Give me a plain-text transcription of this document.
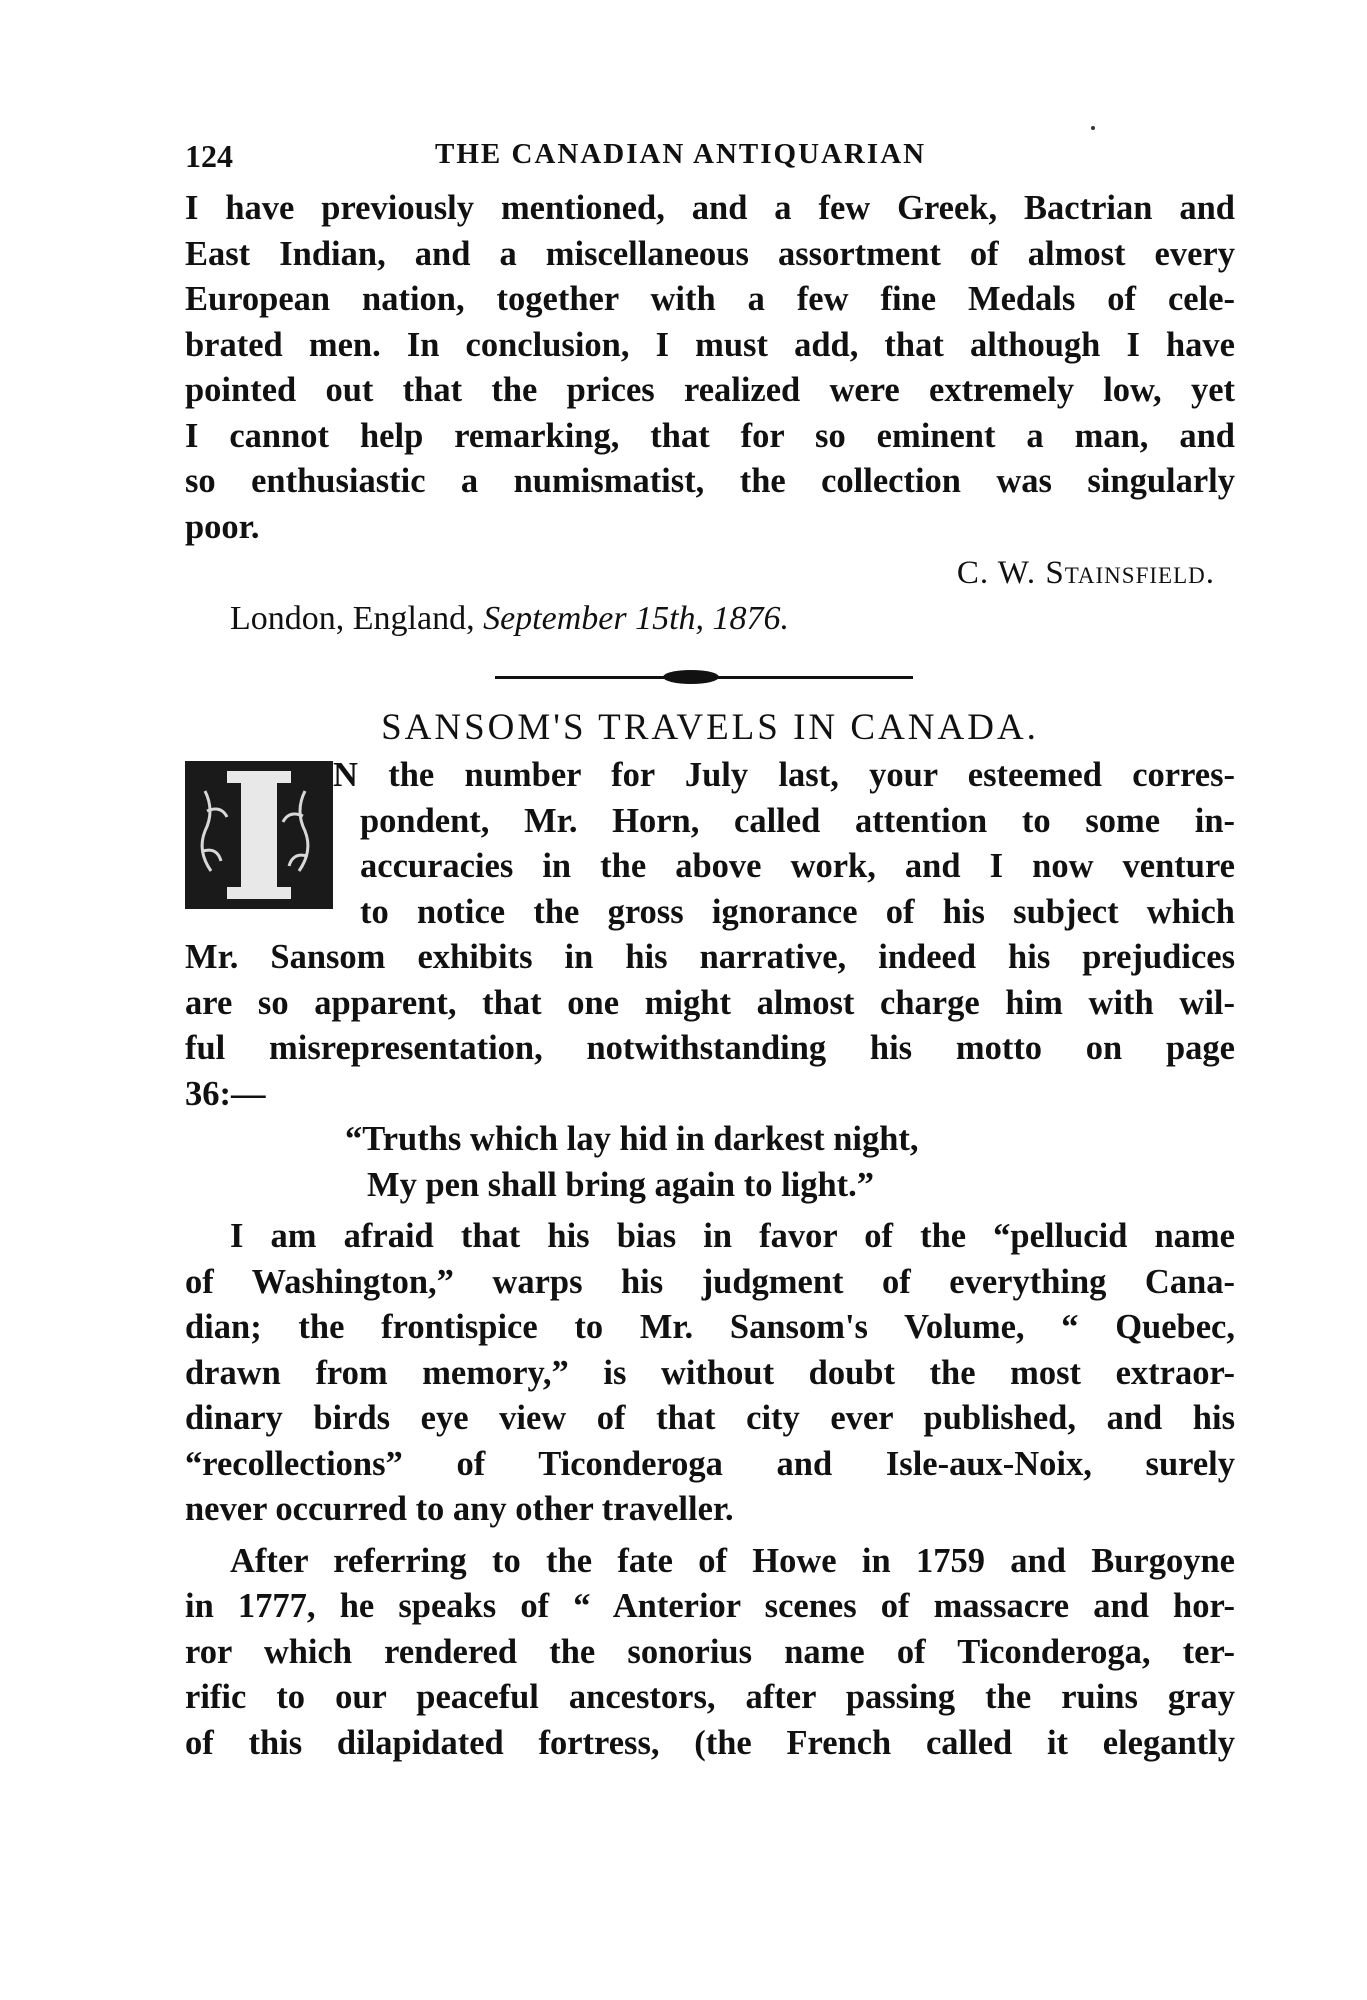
124	THE CANADIAN ANTIQUARIAN
I have previously mentioned, and a few Greek, Bactrian and
East Indian, and a miscellaneous assortment of almost every
European nation, together with a few fine Medals of cele-
brated men. In conclusion, I must add, that although I have
pointed out that the prices realized were extremely low, yet
I cannot help remarking, that for so eminent a man, and
so enthusiastic a numismatist, the collection was singularly
poor.
C. W. Stainsfield.
London, England, September 15th, 1876.
SANSOM'S TRAVELS IN CANADA.
N the number for July last, your esteemed corres-
pondent, Mr. Horn, called attention to some in-
accuracies in the above work, and I now venture
to notice the gross ignorance of his subject which
Mr. Sansom exhibits in his narrative, indeed his prejudices
are so apparent, that one might almost charge him with wil-
ful misrepresentation, notwithstanding his motto on page
36:—
“Truths which lay hid in darkest night,
My pen shall bring again to light.”
I am afraid that his bias in favor of the “pellucid name
of Washington,” warps his judgment of everything Cana-
dian; the frontispice to Mr. Sansom's Volume, “ Quebec,
drawn from memory,” is without doubt the most extraor-
dinary birds eye view of that city ever published, and his
“recollections” of Ticonderoga and Isle-aux-Noix, surely
never occurred to any other traveller.
After referring to the fate of Howe in 1759 and Burgoyne
in 1777, he speaks of “ Anterior scenes of massacre and hor-
ror which rendered the sonorius name of Ticonderoga, ter-
rific to our peaceful ancestors, after passing the ruins gray
of this dilapidated fortress, (the French called it elegantly
